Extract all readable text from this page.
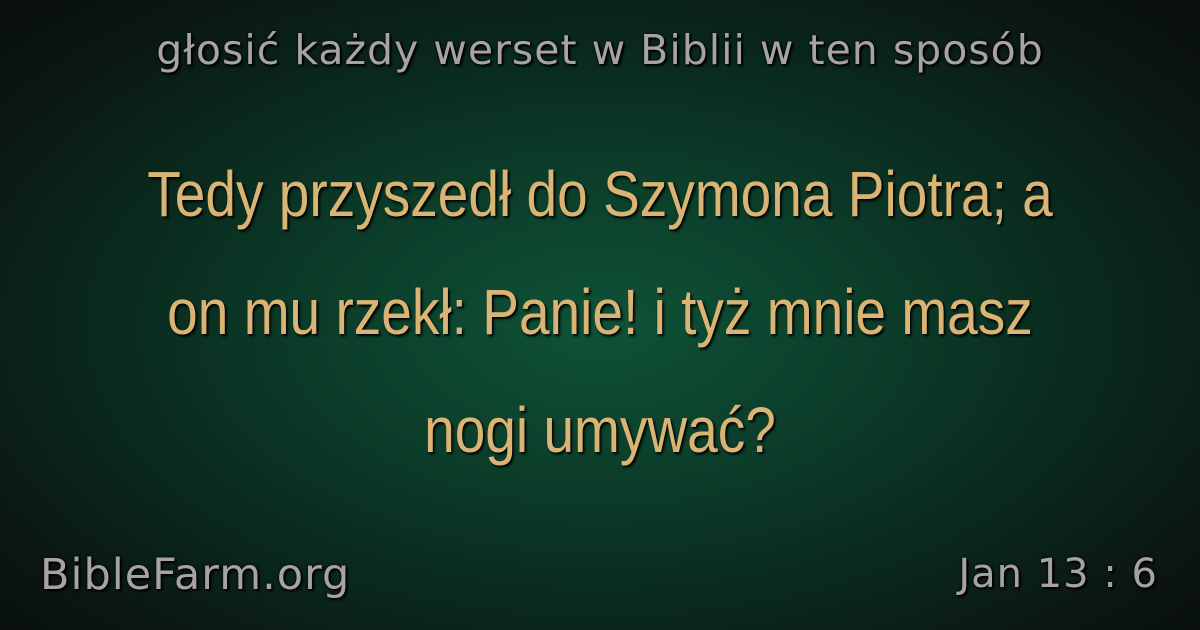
głosić każdy werset w Biblii w ten sposób
Tedy przyszedł do Szymona Piotra; a on mu rzekł: Panie! i tyż mnie masz nogi umywać?
BibleFarm.org	Jan 13 : 6
